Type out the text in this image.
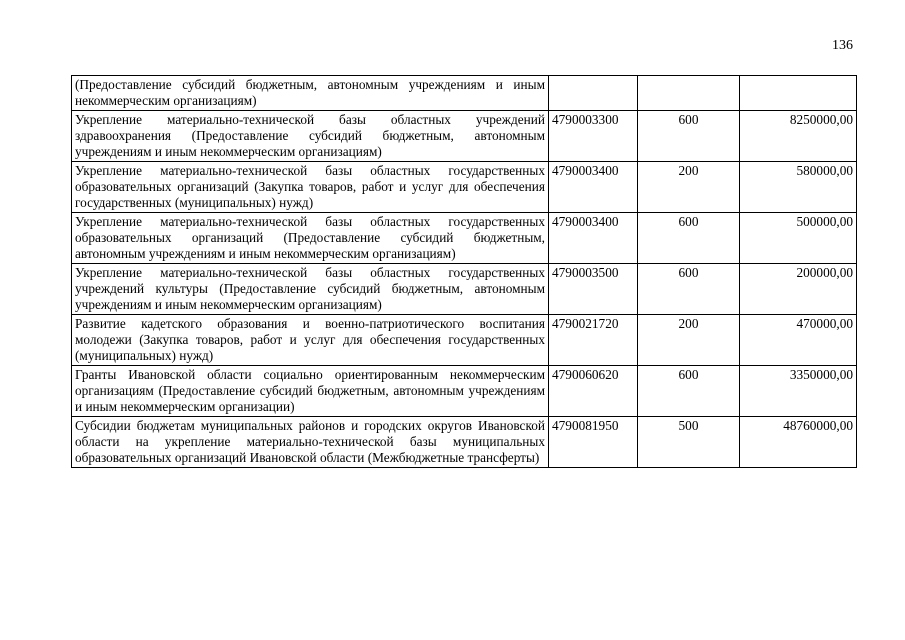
136
(Предоставление субсидий бюджетным, автономным учреждениям и иным некоммерческим организациям)			
Укрепление материально-технической базы областных учреждений здравоохранения (Предоставление субсидий бюджетным, автономным учреждениям и иным некоммерческим организациям)	4790003300	600	8250000,00
Укрепление материально-технической базы областных государственных образовательных организаций (Закупка товаров, работ и услуг для обеспечения государственных (муниципальных) нужд)	4790003400	200	580000,00
Укрепление материально-технической базы областных государственных образовательных организаций (Предоставление субсидий бюджетным, автономным учреждениям и иным некоммерческим организациям)	4790003400	600	500000,00
Укрепление материально-технической базы областных государственных учреждений культуры (Предоставление субсидий бюджетным, автономным учреждениям и иным некоммерческим организациям)	4790003500	600	200000,00
Развитие кадетского образования и военно-патриотического воспитания молодежи (Закупка товаров, работ и услуг для обеспечения государственных (муниципальных) нужд)	4790021720	200	470000,00
Гранты Ивановской области социально ориентированным некоммерческим организациям (Предоставление субсидий бюджетным, автономным учреждениям и иным некоммерческим организации)	4790060620	600	3350000,00
Субсидии бюджетам муниципальных районов и городских округов Ивановской области на укрепление материально-технической базы муниципальных образовательных организаций Ивановской области (Межбюджетные трансферты)	4790081950	500	48760000,00
